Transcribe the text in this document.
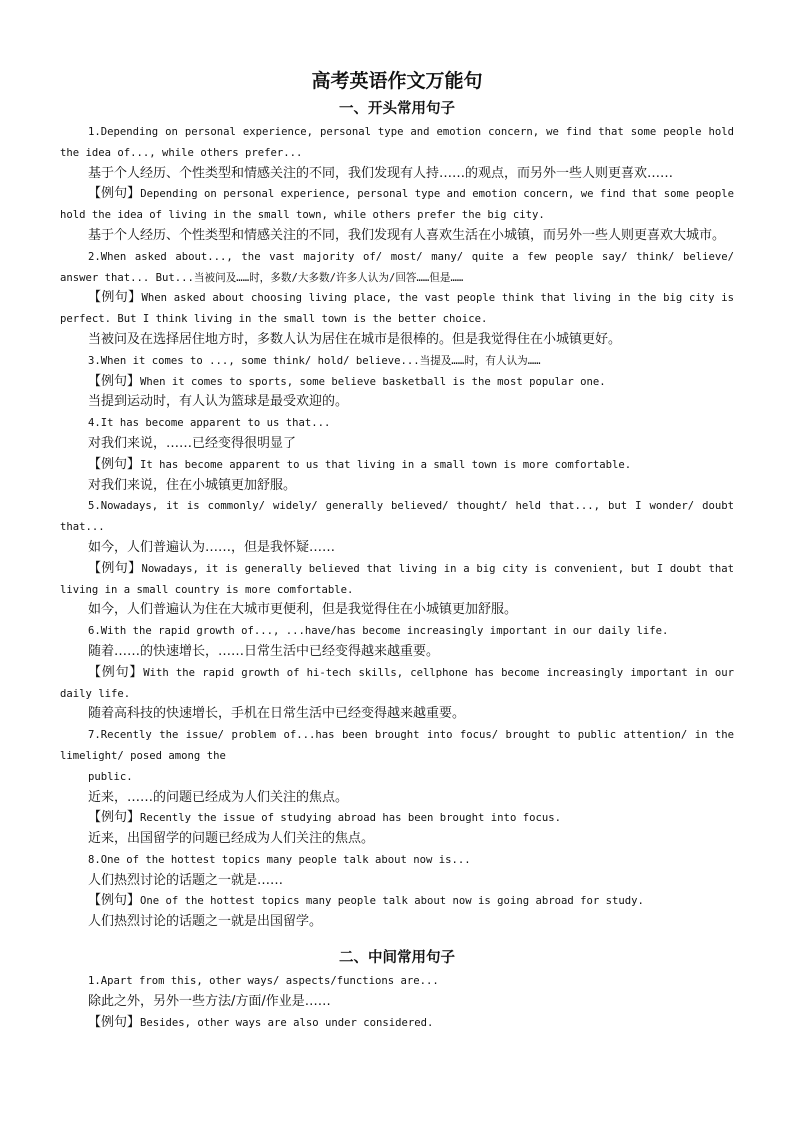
高考英语作文万能句
一、开头常用句子

1.Depending on personal experience, personal type and emotion concern, we find that some people hold the idea of..., while others prefer...

基于个人经历、个性类型和情感关注的不同，我们发现有人持……的观点，而另外一些人则更喜欢……

【例句】Depending on personal experience, personal type and emotion concern, we find that some people hold the idea of living in the small town, while others prefer the big city.

基于个人经历、个性类型和情感关注的不同，我们发现有人喜欢生活在小城镇，而另外一些人则更喜欢大城市。

2.When asked about..., the vast majority of/ most/ many/ quite a few people say/ think/ believe/ answer that... But...当被问及……时，多数/大多数/许多人认为/回答……但是……

【例句】When asked about choosing living place, the vast people think that living in the big city is perfect. But I think living in the small town is the better choice.

当被问及在选择居住地方时，多数人认为居住在城市是很棒的。但是我觉得住在小城镇更好。

3.When it comes to ..., some think/ hold/ believe...当提及……时，有人认为……

【例句】When it comes to sports, some believe basketball is the most popular one.

当提到运动时，有人认为篮球是最受欢迎的。

4.It has become apparent to us that...

对我们来说，……已经变得很明显了

【例句】It has become apparent to us that living in a small town is more comfortable.

对我们来说，住在小城镇更加舒服。

5.Nowadays, it is commonly/ widely/ generally believed/ thought/ held that..., but I wonder/ doubt that...

如今，人们普遍认为……，但是我怀疑……

【例句】Nowadays, it is generally believed that living in a big city is convenient, but I doubt that living in a small country is more comfortable.

如今，人们普遍认为住在大城市更便利，但是我觉得住在小城镇更加舒服。

6.With the rapid growth of..., ...have/has become increasingly important in our daily life.

随着……的快速增长，……日常生活中已经变得越来越重要。

【例句】With the rapid growth of hi-tech skills, cellphone has become increasingly important in our daily life.

随着高科技的快速增长，手机在日常生活中已经变得越来越重要。

7.Recently the issue/ problem of...has been brought into focus/ brought to public attention/ in the limelight/ posed among the

public.

近来，……的问题已经成为人们关注的焦点。

【例句】Recently the issue of studying abroad has been brought into focus.

近来，出国留学的问题已经成为人们关注的焦点。

8.One of the hottest topics many people talk about now is...

人们热烈讨论的话题之一就是……

【例句】One of the hottest topics many people talk about now is going abroad for study.

人们热烈讨论的话题之一就是出国留学。

二、中间常用句子

1.Apart from this, other ways/ aspects/functions are...

除此之外，另外一些方法/方面/作业是……

【例句】Besides, other ways are also under considered.
